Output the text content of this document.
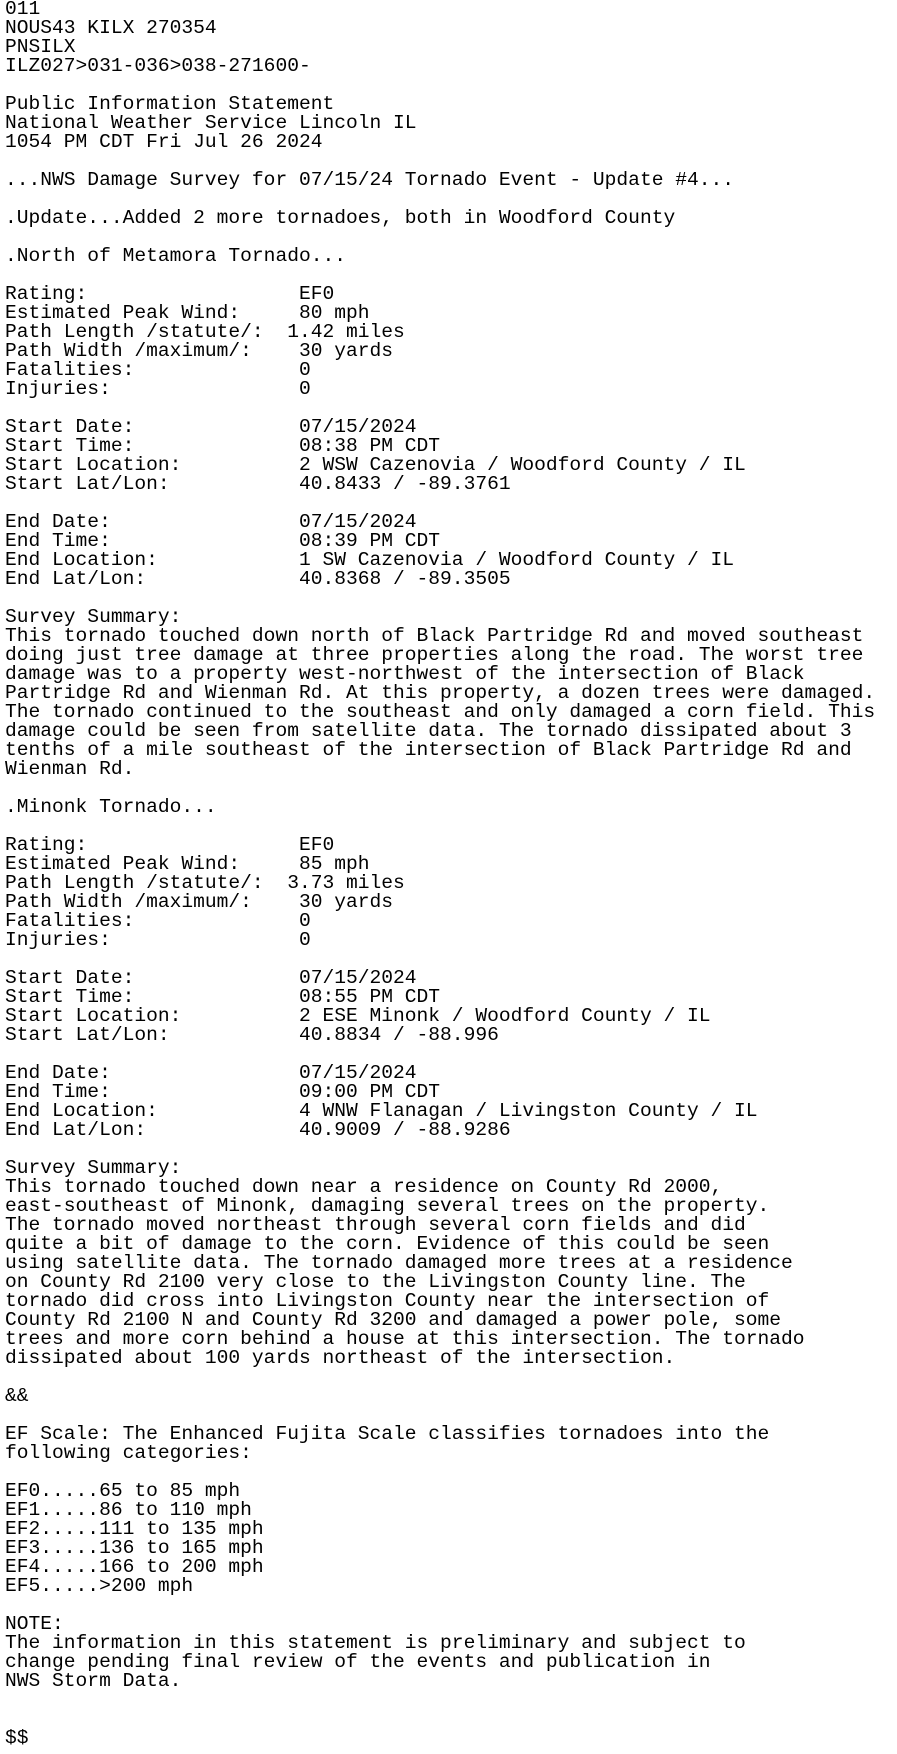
011
NOUS43 KILX 270354
PNSILX
ILZ027>031-036>038-271600-
Public Information Statement
National Weather Service Lincoln IL
1054 PM CDT Fri Jul 26 2024
...NWS Damage Survey for 07/15/24 Tornado Event - Update #4...
.Update...Added 2 more tornadoes, both in Woodford County
.North of Metamora Tornado...
Rating:                  EF0
Estimated Peak Wind:     80 mph
Path Length /statute/:  1.42 miles
Path Width /maximum/:    30 yards
Fatalities:              0
Injuries:                0
Start Date:              07/15/2024
Start Time:              08:38 PM CDT
Start Location:          2 WSW Cazenovia / Woodford County / IL
Start Lat/Lon:           40.8433 / -89.3761
End Date:                07/15/2024
End Time:                08:39 PM CDT
End Location:            1 SW Cazenovia / Woodford County / IL
End Lat/Lon:             40.8368 / -89.3505
Survey Summary:
This tornado touched down north of Black Partridge Rd and moved southeast
doing just tree damage at three properties along the road. The worst tree
damage was to a property west-northwest of the intersection of Black
Partridge Rd and Wienman Rd. At this property, a dozen trees were damaged.
The tornado continued to the southeast and only damaged a corn field. This
damage could be seen from satellite data. The tornado dissipated about 3
tenths of a mile southeast of the intersection of Black Partridge Rd and
Wienman Rd.
.Minonk Tornado...
Rating:                  EF0
Estimated Peak Wind:     85 mph
Path Length /statute/:  3.73 miles
Path Width /maximum/:    30 yards
Fatalities:              0
Injuries:                0
Start Date:              07/15/2024
Start Time:              08:55 PM CDT
Start Location:          2 ESE Minonk / Woodford County / IL
Start Lat/Lon:           40.8834 / -88.996
End Date:                07/15/2024
End Time:                09:00 PM CDT
End Location:            4 WNW Flanagan / Livingston County / IL
End Lat/Lon:             40.9009 / -88.9286
Survey Summary:
This tornado touched down near a residence on County Rd 2000,
east-southeast of Minonk, damaging several trees on the property.
The tornado moved northeast through several corn fields and did
quite a bit of damage to the corn. Evidence of this could be seen
using satellite data. The tornado damaged more trees at a residence
on County Rd 2100 very close to the Livingston County line. The
tornado did cross into Livingston County near the intersection of
County Rd 2100 N and County Rd 3200 and damaged a power pole, some
trees and more corn behind a house at this intersection. The tornado
dissipated about 100 yards northeast of the intersection.
&&
EF Scale: The Enhanced Fujita Scale classifies tornadoes into the
following categories:
EF0.....65 to 85 mph
EF1.....86 to 110 mph
EF2.....111 to 135 mph
EF3.....136 to 165 mph
EF4.....166 to 200 mph
EF5.....>200 mph
NOTE:
The information in this statement is preliminary and subject to
change pending final review of the events and publication in
NWS Storm Data.
$$
